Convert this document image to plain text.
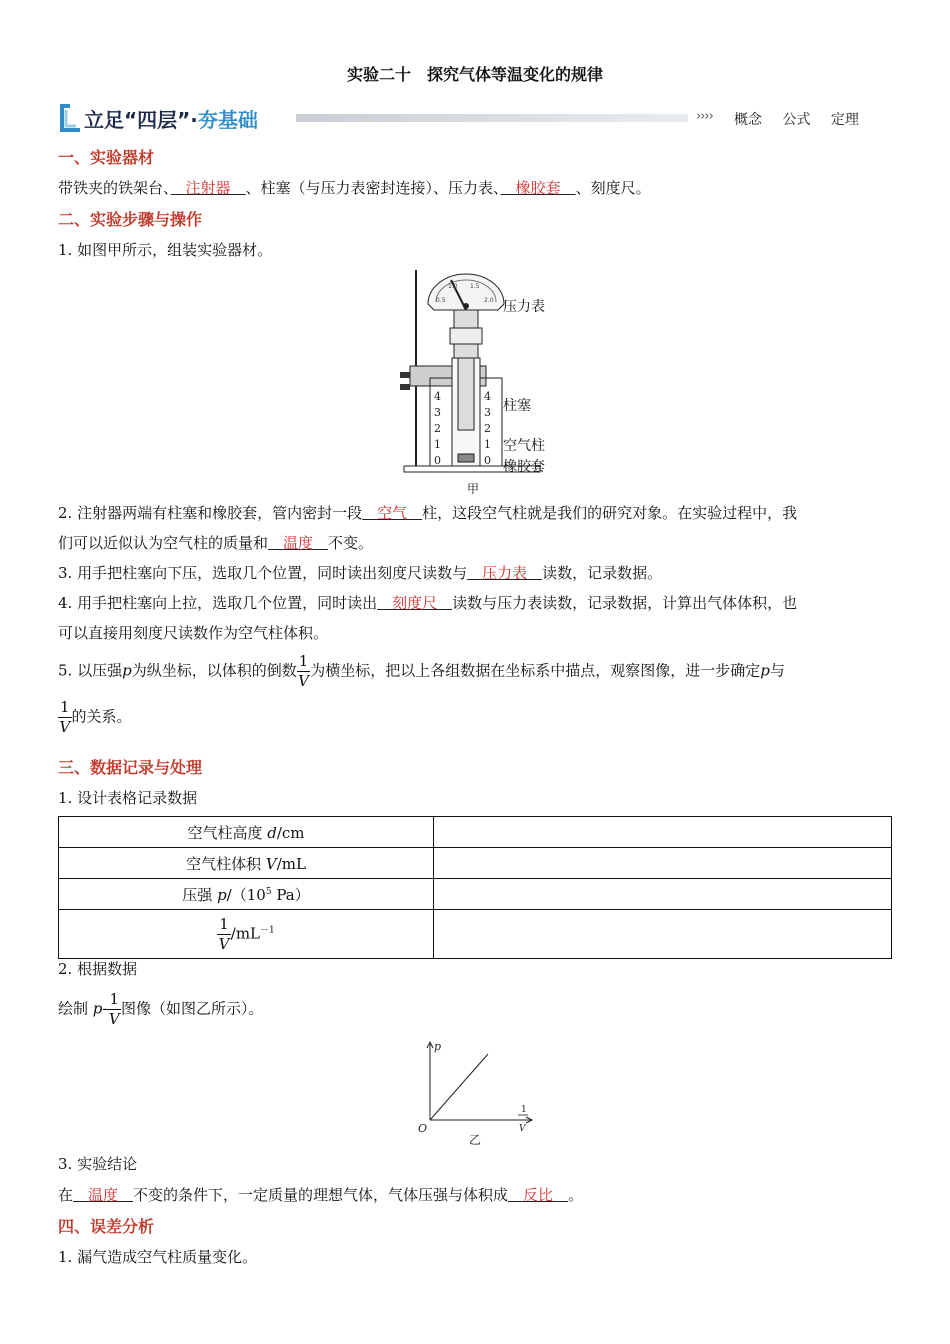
实验二十　探究气体等温变化的规律
立足“四层”·夯基础	›››› 概念 公式 定理
一、实验器材
带铁夹的铁架台、　注射器　、柱塞（与压力表密封连接）、压力表、　橡胶套　、刻度尺。
二、实验步骤与操作
1. 如图甲所示，组装实验器材。
4
3
2
1
0
4
3
2
1
0
0.5
1.0 1.5
2.0 压力表
柱塞
空气柱
橡胶套
甲
2. 注射器两端有柱塞和橡胶套，管内密封一段　空气　柱，这段空气柱就是我们的研究对象。在实验过程中，我
们可以近似认为空气柱的质量和　温度　不变。
3. 用手把柱塞向下压，选取几个位置，同时读出刻度尺读数与　压力表　读数，记录数据。
4. 用手把柱塞向上拉，选取几个位置，同时读出　刻度尺　读数与压力表读数，记录数据，计算出气体体积，也
可以直接用刻度尺读数作为空气柱体积。
5. 以压强p为纵坐标，以体积的倒数 $\frac{1}{V}$ 为横坐标，把以上各组数据在坐标系中描点，观察图像，进一步确定p与
$\frac{1}{V}$ 的关系。
三、数据记录与处理
1. 设计表格记录数据
空气柱高度 d/cm	
空气柱体积 V/mL	
压强 $p/(10^5$ Pa）	

$\frac{1}{V} /mL^{-1}$	
2. 根据数据
绘制 $p- \frac{1}{V}$ 图像（如图乙所示）。
p
O
1
V
乙
3. 实验结论
在　温度　不变的条件下，一定质量的理想气体，气体压强与体积成　反比　。
四、误差分析
1. 漏气造成空气柱质量变化。
